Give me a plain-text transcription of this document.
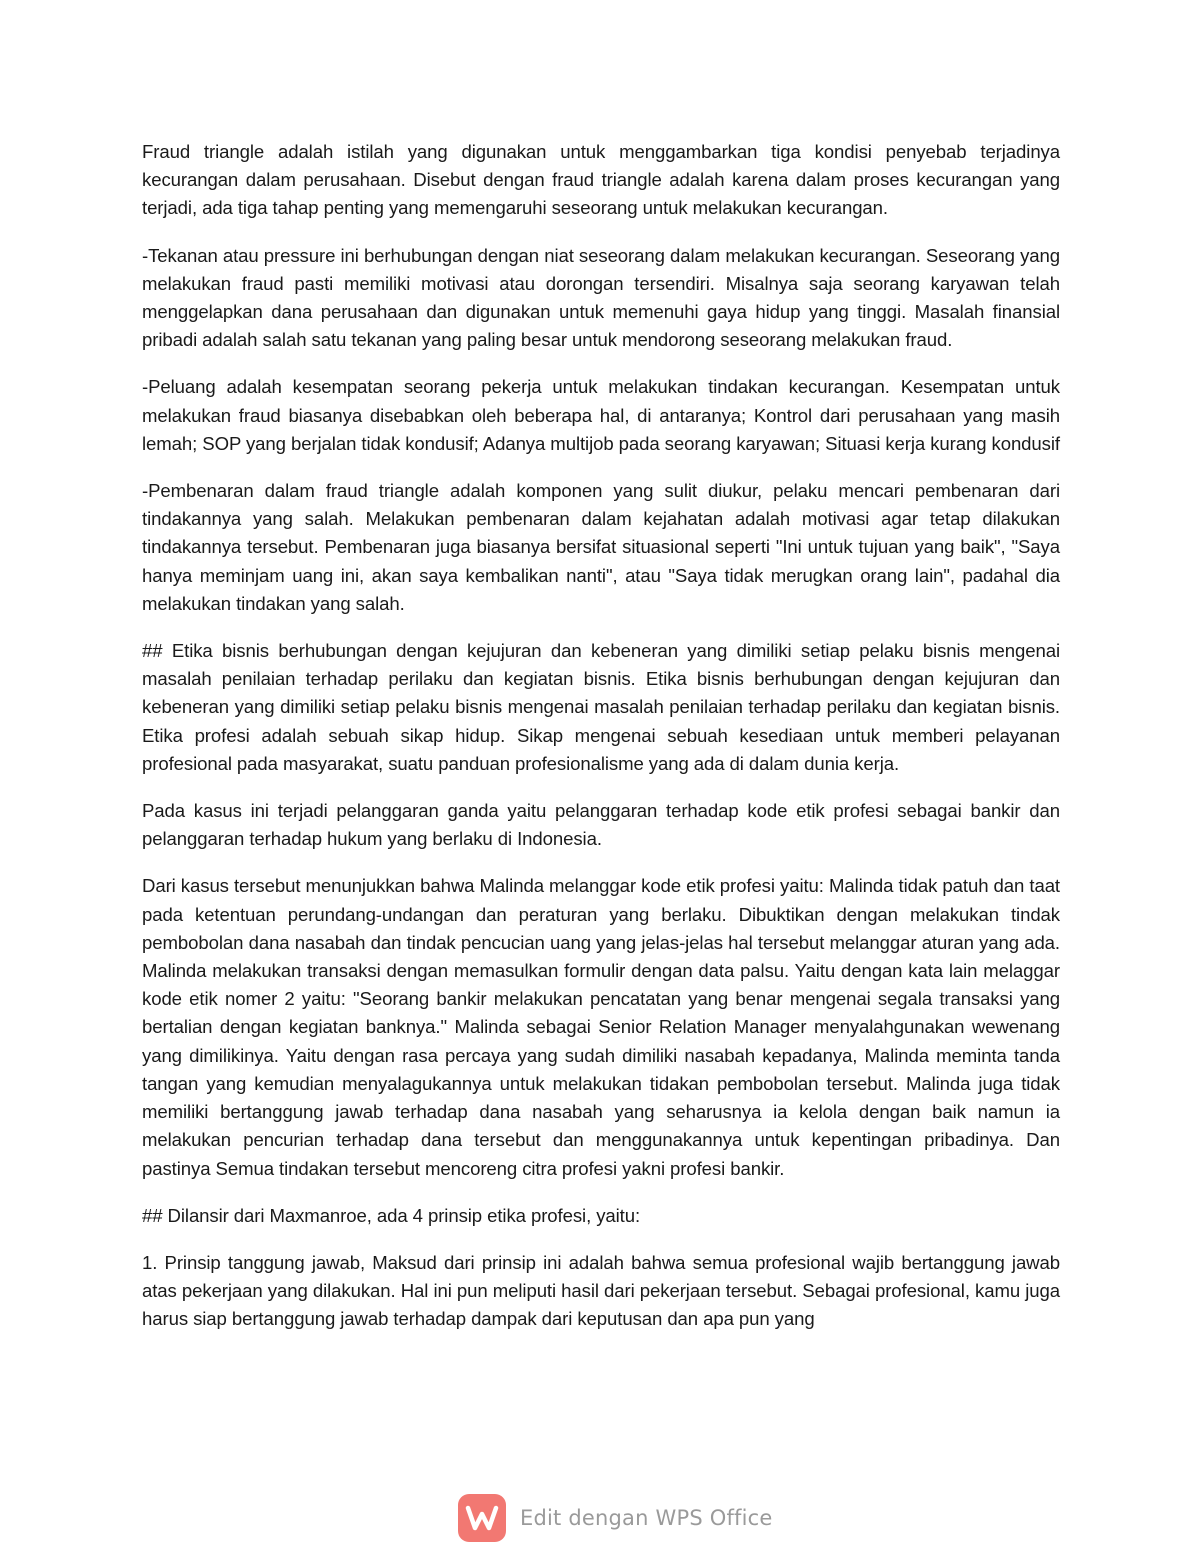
Fraud triangle adalah istilah yang digunakan untuk menggambarkan tiga kondisi penyebab terjadinya kecurangan dalam perusahaan. Disebut dengan fraud triangle adalah karena dalam proses kecurangan yang terjadi, ada tiga tahap penting yang memengaruhi seseorang untuk melakukan kecurangan.

-Tekanan atau pressure ini berhubungan dengan niat seseorang dalam melakukan kecurangan. Seseorang yang melakukan fraud pasti memiliki motivasi atau dorongan tersendiri. Misalnya saja seorang karyawan telah menggelapkan dana perusahaan dan digunakan untuk memenuhi gaya hidup yang tinggi. Masalah finansial pribadi adalah salah satu tekanan yang paling besar untuk mendorong seseorang melakukan fraud.

-Peluang adalah kesempatan seorang pekerja untuk melakukan tindakan kecurangan. Kesempatan untuk melakukan fraud biasanya disebabkan oleh beberapa hal, di antaranya; Kontrol dari perusahaan yang masih lemah; SOP yang berjalan tidak kondusif; Adanya multijob pada seorang karyawan; Situasi kerja kurang kondusif

-Pembenaran dalam fraud triangle adalah komponen yang sulit diukur, pelaku mencari pembenaran dari tindakannya yang salah. Melakukan pembenaran dalam kejahatan adalah motivasi agar tetap dilakukan tindakannya tersebut. Pembenaran juga biasanya bersifat situasional seperti "Ini untuk tujuan yang baik", "Saya hanya meminjam uang ini, akan saya kembalikan nanti", atau "Saya tidak merugkan orang lain", padahal dia melakukan tindakan yang salah.

## Etika bisnis berhubungan dengan kejujuran dan kebeneran yang dimiliki setiap pelaku bisnis mengenai masalah penilaian terhadap perilaku dan kegiatan bisnis. Etika bisnis berhubungan dengan kejujuran dan kebeneran yang dimiliki setiap pelaku bisnis mengenai masalah penilaian terhadap perilaku dan kegiatan bisnis. Etika profesi adalah sebuah sikap hidup. Sikap mengenai sebuah kesediaan untuk memberi pelayanan profesional pada masyarakat, suatu panduan profesionalisme yang ada di dalam dunia kerja.

Pada kasus ini terjadi pelanggaran ganda yaitu pelanggaran terhadap kode etik profesi sebagai bankir dan pelanggaran terhadap hukum yang berlaku di Indonesia.

Dari kasus tersebut menunjukkan bahwa Malinda melanggar kode etik profesi yaitu: Malinda tidak patuh dan taat pada ketentuan perundang-undangan dan peraturan yang berlaku. Dibuktikan dengan melakukan tindak pembobolan dana nasabah dan tindak pencucian uang yang jelas-jelas hal tersebut melanggar aturan yang ada. Malinda melakukan transaksi dengan memasulkan formulir dengan data palsu. Yaitu dengan kata lain melaggar kode etik nomer 2 yaitu: "Seorang bankir melakukan pencatatan yang benar mengenai segala transaksi yang bertalian dengan kegiatan banknya." Malinda sebagai Senior Relation Manager menyalahgunakan wewenang yang dimilikinya. Yaitu dengan rasa percaya yang sudah dimiliki nasabah kepadanya, Malinda meminta tanda tangan yang kemudian menyalagukannya untuk melakukan tidakan pembobolan tersebut. Malinda juga tidak memiliki bertanggung jawab terhadap dana nasabah yang seharusnya ia kelola dengan baik namun ia melakukan pencurian terhadap dana tersebut dan menggunakannya untuk kepentingan pribadinya. Dan pastinya Semua tindakan tersebut mencoreng citra profesi yakni profesi bankir.

## Dilansir dari Maxmanroe, ada 4 prinsip etika profesi, yaitu:

1. Prinsip tanggung jawab, Maksud dari prinsip ini adalah bahwa semua profesional wajib bertanggung jawab atas pekerjaan yang dilakukan. Hal ini pun meliputi hasil dari pekerjaan tersebut. Sebagai profesional, kamu juga harus siap bertanggung jawab terhadap dampak dari keputusan dan apa pun yang

Edit dengan WPS Office
